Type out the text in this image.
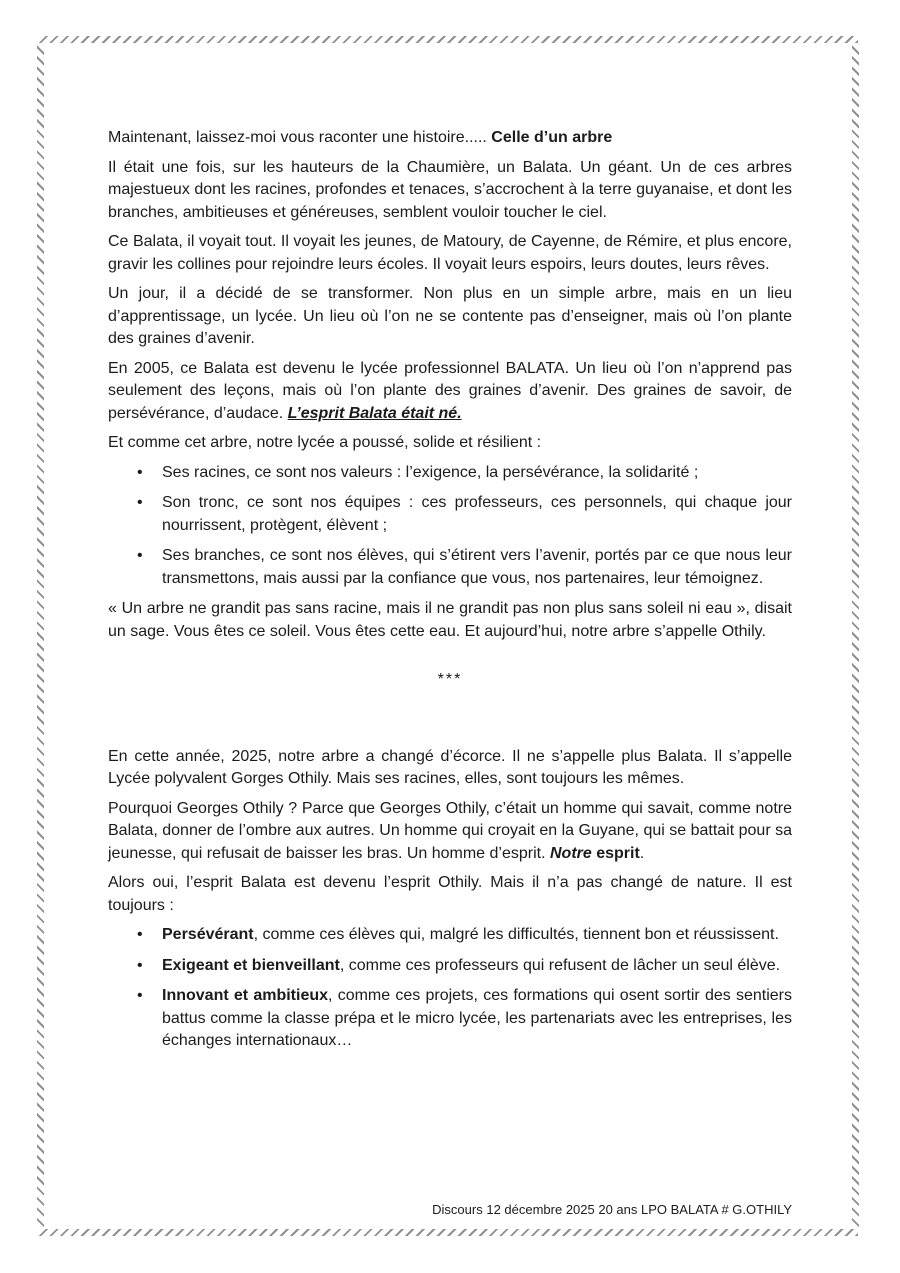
Maintenant, laissez-moi vous raconter une histoire..... Celle d’un arbre

Il était une fois, sur les hauteurs de la Chaumière, un Balata. Un géant. Un de ces arbres majestueux dont les racines, profondes et tenaces, s’accrochent à la terre guyanaise, et dont les branches, ambitieuses et généreuses, semblent vouloir toucher le ciel.

Ce Balata, il voyait tout. Il voyait les jeunes, de Matoury, de Cayenne, de Rémire, et plus encore, gravir les collines pour rejoindre leurs écoles. Il voyait leurs espoirs, leurs doutes, leurs rêves.

Un jour, il a décidé de se transformer. Non plus en un simple arbre, mais en un lieu d’apprentissage, un lycée. Un lieu où l’on ne se contente pas d’enseigner, mais où l’on plante des graines d’avenir.

En 2005, ce Balata est devenu le lycée professionnel BALATA. Un lieu où l’on n’apprend pas seulement des leçons, mais où l’on plante des graines d’avenir. Des graines de savoir, de persévérance, d’audace. L’esprit Balata était né.

Et comme cet arbre, notre lycée a poussé, solide et résilient :

• Ses racines, ce sont nos valeurs : l’exigence, la persévérance, la solidarité ;
• Son tronc, ce sont nos équipes : ces professeurs, ces personnels, qui chaque jour nourrissent, protègent, élèvent ;
• Ses branches, ce sont nos élèves, qui s’étirent vers l’avenir, portés par ce que nous leur transmettons, mais aussi par la confiance que vous, nos partenaires, leur témoignez.

« Un arbre ne grandit pas sans racine, mais il ne grandit pas non plus sans soleil ni eau », disait un sage. Vous êtes ce soleil. Vous êtes cette eau. Et aujourd’hui, notre arbre s’appelle Othily.

***

En cette année, 2025, notre arbre a changé d’écorce. Il ne s’appelle plus Balata. Il s’appelle Lycée polyvalent Gorges Othily. Mais ses racines, elles, sont toujours les mêmes.

Pourquoi Georges Othily ? Parce que Georges Othily, c’était un homme qui savait, comme notre Balata, donner de l’ombre aux autres. Un homme qui croyait en la Guyane, qui se battait pour sa jeunesse, qui refusait de baisser les bras. Un homme d’esprit. Notre esprit.

Alors oui, l’esprit Balata est devenu l’esprit Othily. Mais il n’a pas changé de nature. Il est toujours :

• Persévérant, comme ces élèves qui, malgré les difficultés, tiennent bon et réussissent.
• Exigeant et bienveillant, comme ces professeurs qui refusent de lâcher un seul élève.
• Innovant et ambitieux, comme ces projets, ces formations qui osent sortir des sentiers battus comme la classe prépa et le micro lycée, les partenariats avec les entreprises, les échanges internationaux…
Discours 12 décembre 2025 20 ans LPO BALATA # G.OTHILY
